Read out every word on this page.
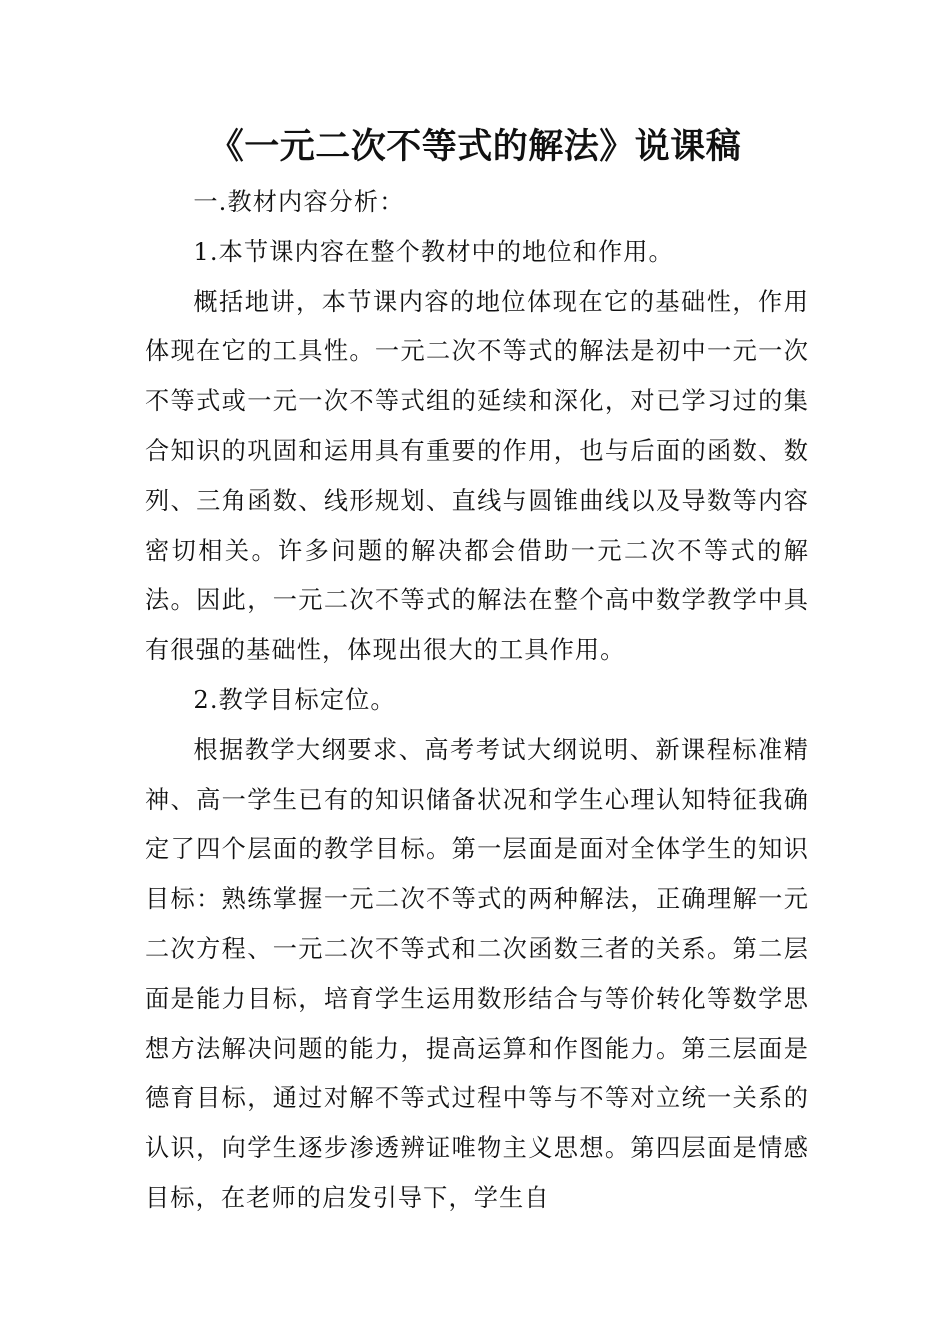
《一元二次不等式的解法》说课稿

一.教材内容分析：

1.本节课内容在整个教材中的地位和作用。

概括地讲，本节课内容的地位体现在它的基础性，作用体现在它的工具性。一元二次不等式的解法是初中一元一次不等式或一元一次不等式组的延续和深化，对已学习过的集合知识的巩固和运用具有重要的作用，也与后面的函数、数列、三角函数、线形规划、直线与圆锥曲线以及导数等内容密切相关。许多问题的解决都会借助一元二次不等式的解法。因此，一元二次不等式的解法在整个高中数学教学中具有很强的基础性，体现出很大的工具作用。

2.教学目标定位。

根据教学大纲要求、高考考试大纲说明、新课程标准精神、高一学生已有的知识储备状况和学生心理认知特征我确定了四个层面的教学目标。第一层面是面对全体学生的知识目标：熟练掌握一元二次不等式的两种解法，正确理解一元二次方程、一元二次不等式和二次函数三者的关系。第二层面是能力目标，培育学生运用数形结合与等价转化等数学思想方法解决问题的能力，提高运算和作图能力。第三层面是德育目标，通过对解不等式过程中等与不等对立统一关系的认识，向学生逐步渗透辨证唯物主义思想。第四层面是情感目标，在老师的启发引导下，学生自
